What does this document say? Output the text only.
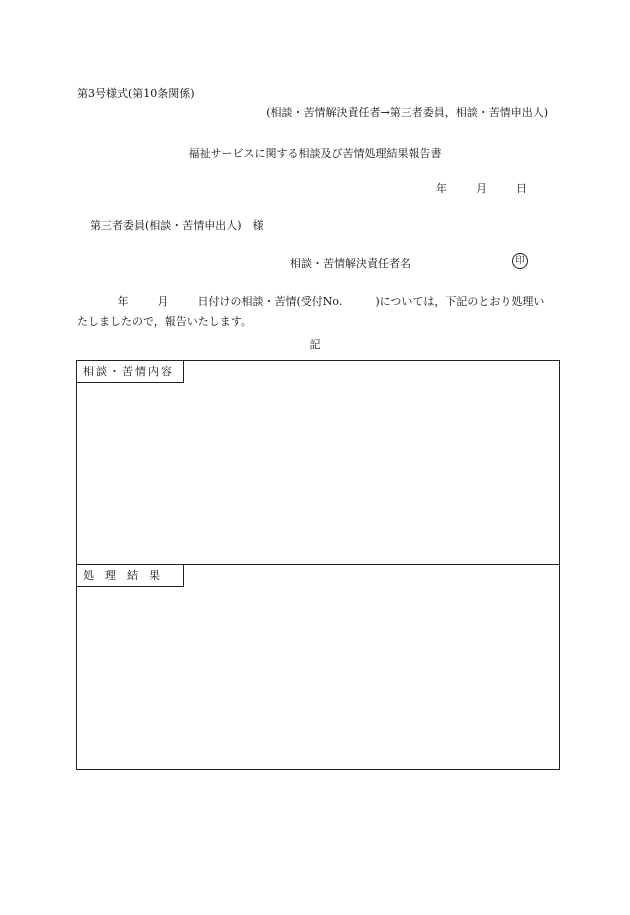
第3号様式(第10条関係)
(相談・苦情解決責任者→第三者委員，相談・苦情申出人)
福祉サービスに関する相談及び苦情処理結果報告書
年	月	日
第三者委員(相談・苦情申出人)　様
相談・苦情解決責任者名	印
年	月	日付けの相談・苦情(受付No.　　　)については，下記のとおり処理い
たしましたので，報告いたします。
記
相談・苦情内容
処　理　結　果
